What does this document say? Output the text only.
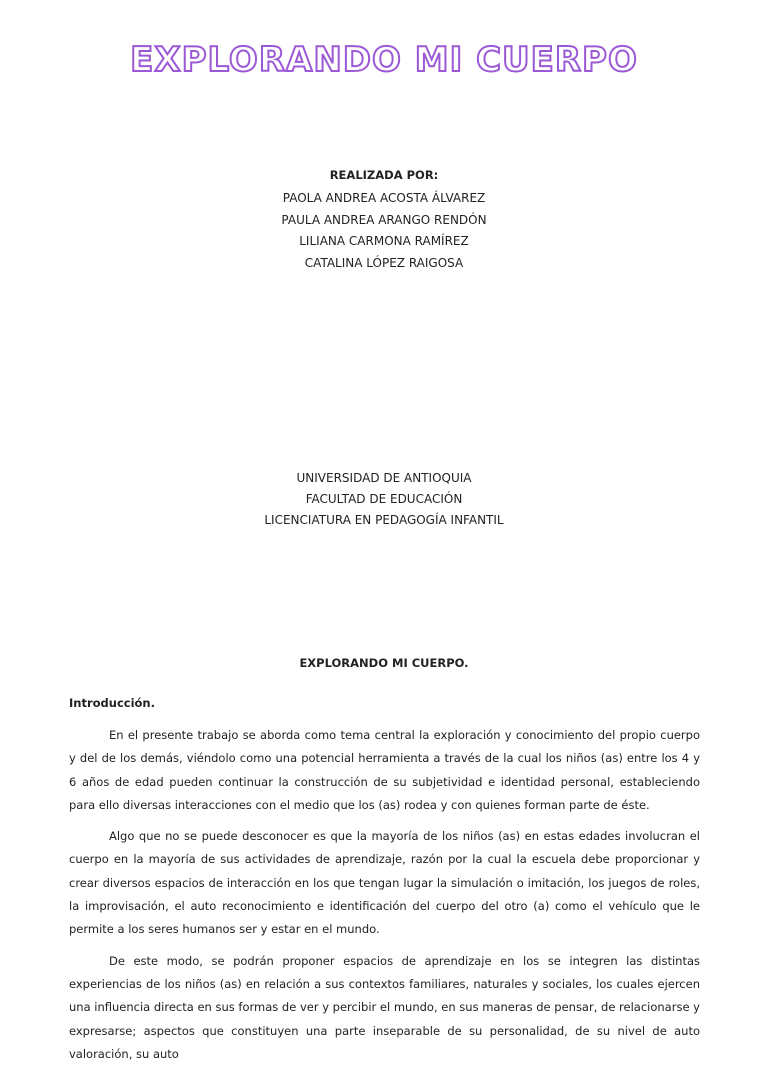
EXPLORANDO MI CUERPO
REALIZADA POR:
PAOLA ANDREA ACOSTA ÁLVAREZ
PAULA ANDREA ARANGO RENDÓN
LILIANA CARMONA RAMÍREZ
CATALINA LÓPEZ RAIGOSA
UNIVERSIDAD DE ANTIOQUIA
FACULTAD DE EDUCACIÓN
LICENCIATURA EN PEDAGOGÍA INFANTIL
EXPLORANDO MI CUERPO.
Introducción.

En el presente trabajo se aborda como tema central la exploración y conocimiento del propio cuerpo y del de los demás, viéndolo como una potencial herramienta a través de la cual los niños (as) entre los 4 y 6 años de edad pueden continuar la construcción de su subjetividad e identidad personal, estableciendo para ello diversas interacciones con el medio que los (as) rodea y con quienes forman parte de éste.

Algo que no se puede desconocer es que la mayoría de los niños (as) en estas edades involucran el cuerpo en la mayoría de sus actividades de aprendizaje, razón por la cual la escuela debe proporcionar y crear diversos espacios de interacción en los que tengan lugar la simulación o imitación, los juegos de roles, la improvisación, el auto reconocimiento e identificación del cuerpo del otro (a) como el vehículo que le permite a los seres humanos ser y estar en el mundo.

De este modo, se podrán proponer espacios de aprendizaje en los se integren las distintas experiencias de los niños (as) en relación a sus contextos familiares, naturales y sociales, los cuales ejercen una influencia directa en sus formas de ver y percibir el mundo, en sus maneras de pensar, de relacionarse y expresarse; aspectos que constituyen una parte inseparable de su personalidad, de su nivel de auto valoración, su auto
